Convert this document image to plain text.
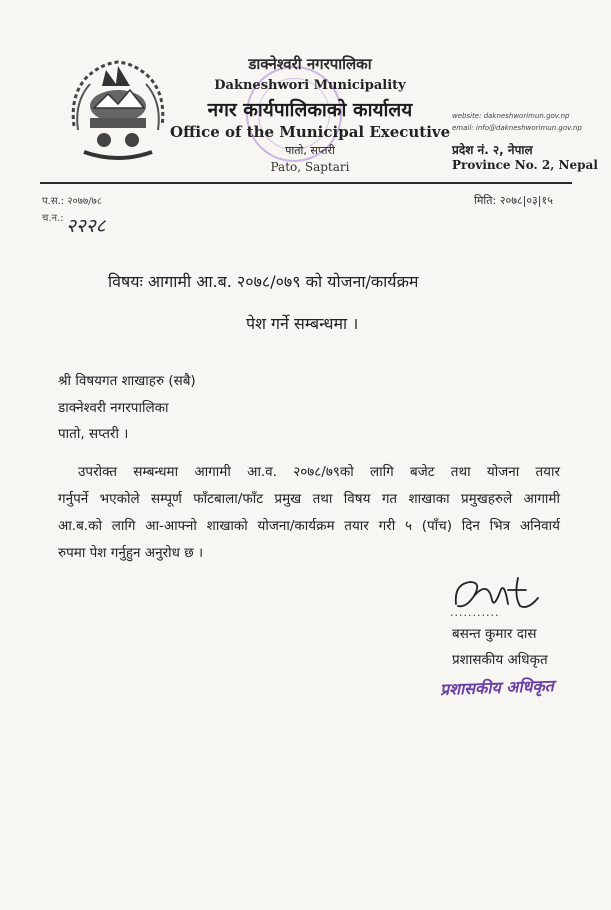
डाक्नेश्वरी नगरपालिका
Dakneshwori Municipality
नगर कार्यपालिकाको कार्यालय
Office of the Municipal Executive
पातो, सप्तरी
Pato, Saptari
website: dakneshworimun.gov.np
email: info@dakneshworimun.gov.np
प्रदेश नं. २, नेपाल
Province No. 2, Nepal
प.स.: २०७७/७८
च.न.: २२२८
मिति: २०७८|०३|१५
विषयः आगामी आ.ब. २०७८/०७९ को योजना/कार्यक्रम
पेश गर्ने सम्बन्धमा ।
श्री विषयगत शाखाहरु (सबै)
डाक्नेश्वरी नगरपालिका
पातो, सप्तरी ।
उपरोक्त सम्बन्धमा आगामी आ.व. २०७८/७९को लागि बजेट तथा योजना तयार
गर्नुपर्ने भएकोले सम्पूर्ण फाँटबाला/फाँट प्रमुख तथा विषय गत शाखाका प्रमुखहरुले आगामी
आ.ब.को लागि आ-आफ्नो शाखाको योजना/कार्यक्रम तयार गरी ५ (पाँच) दिन भित्र अनिवार्य
रुपमा पेश गर्नुहुन अनुरोध छ ।
...........
बसन्त कुमार दास
प्रशासकीय अधिकृत
प्रशासकीय अधिकृत
